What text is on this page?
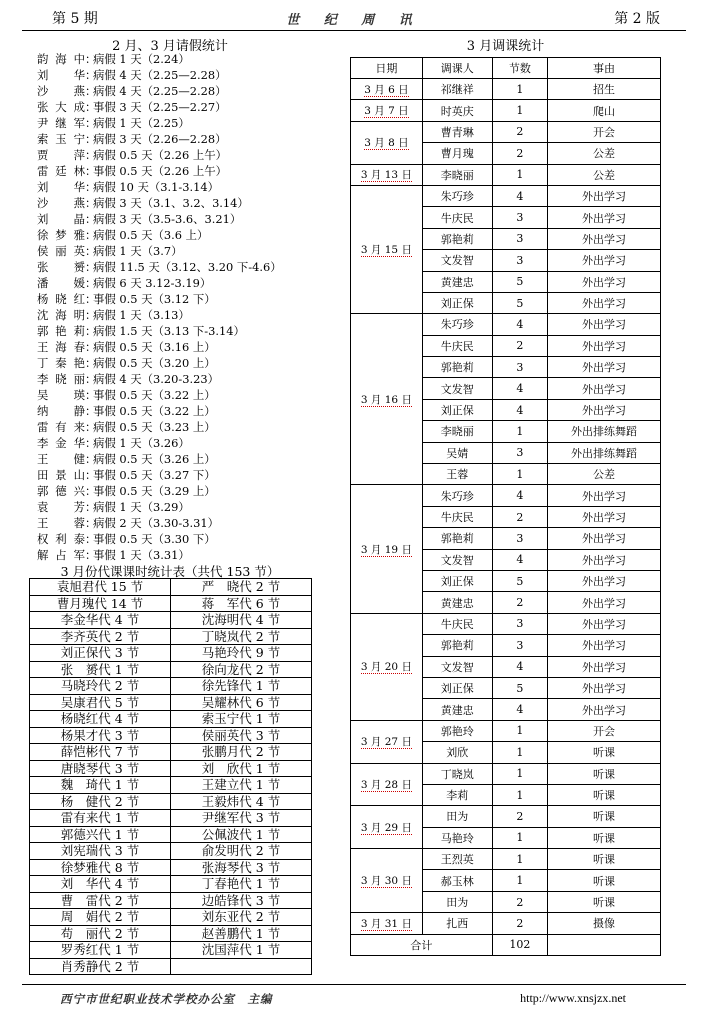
第 5 期	世 纪 周 讯	第 2 版
2 月、3 月请假统计
韵海中：病假 1 天（2.24）
刘华：病假 4 天（2.25—2.28）
沙燕：病假 4 天（2.25—2.28）
张大成：事假 3 天（2.25—2.27）
尹继军：病假 1 天（2.25）
索玉宁：病假 3 天（2.26—2.28）
贾萍：病假 0.5 天（2.26 上午）
雷廷林：事假 0.5 天（2.26 上午）
刘华：病假 10 天（3.1-3.14）
沙燕：病假 3 天（3.1、3.2、3.14）
刘晶：病假 3 天（3.5-3.6、3.21）
徐梦雅：病假 0.5 天（3.6 上）
侯丽英：病假 1 天（3.7）
张赟：病假 11.5 天（3.12、3.20 下-4.6）
潘媛：病假 6 天 3.12-3.19）
杨晓红：事假 0.5 天（3.12 下）
沈海明：病假 1 天（3.13）
郭艳莉：病假 1.5 天（3.13 下-3.14）
王海春：病假 0.5 天（3.16 上）
丁秦艳：病假 0.5 天（3.20 上）
李晓丽：病假 4 天（3.20-3.23）
吴瑛：事假 0.5 天（3.22 上）
纳静：事假 0.5 天（3.22 上）
雷有来：病假 0.5 天（3.23 上）
李金华：病假 1 天（3.26）
王健：病假 0.5 天（3.26 上）
田景山：事假 0.5 天（3.27 下）
郭德兴：事假 0.5 天（3.29 上）
袁芳：病假 1 天（3.29）
王蓉：病假 2 天（3.30-3.31）
权利泰：事假 0.5 天（3.30 下）
解占军：事假 1 天（3.31）
3 月份代课课时统计表（共代 153 节）
袁旭君代 15 节	严　晓代 2 节
曹月瑰代 14 节	蒋　军代 6 节
李金华代 4 节	沈海明代 4 节
李齐英代 2 节	丁晓岚代 2 节
刘正保代 3 节	马艳玲代 9 节
张　赟代 1 节	徐向龙代 2 节
马晓玲代 2 节	徐先锋代 1 节
吴康君代 5 节	吴耀林代 6 节
杨晓红代 4 节	索玉宁代 1 节
杨果才代 3 节	侯丽英代 3 节
薛恺彬代 7 节	张鹏月代 2 节
唐晓琴代 3 节	刘　欣代 1 节
魏　琦代 1 节	王建立代 1 节
杨　健代 2 节	王毅炜代 4 节
雷有来代 1 节	尹继军代 3 节
郭德兴代 1 节	公佩波代 1 节
刘宪瑞代 3 节	俞发明代 2 节
徐梦雅代 8 节	张海琴代 3 节
刘　华代 4 节	丁春艳代 1 节
曹　雷代 2 节	边皓锋代 3 节
周　娟代 2 节	刘东亚代 2 节
苟　丽代 2 节	赵善鹏代 1 节
罗秀红代 1 节	沈国萍代 1 节
肖秀静代 2 节	
3 月调课统计
日期	调课人	节数	事由
3 月 6 日	祁继祥	1	招生
3 月 7 日	时英庆	1	爬山
3 月 8 日	曹青琳	2	开会
	曹月瑰	2	公差
3 月 13 日	李晓丽	1	公差
3 月 15 日	朱巧珍	4	外出学习
	牛庆民	3	外出学习
	郭艳莉	3	外出学习
	文发智	3	外出学习
	黄建忠	5	外出学习
	刘正保	5	外出学习
3 月 16 日	朱巧珍	4	外出学习
	牛庆民	2	外出学习
	郭艳莉	3	外出学习
	文发智	4	外出学习
	刘正保	4	外出学习
	李晓丽	1	外出排练舞蹈
	吴婧	3	外出排练舞蹈
	王蓉	1	公差
3 月 19 日	朱巧珍	4	外出学习
	牛庆民	2	外出学习
	郭艳莉	3	外出学习
	文发智	4	外出学习
	刘正保	5	外出学习
	黄建忠	2	外出学习
3 月 20 日	牛庆民	3	外出学习
	郭艳莉	3	外出学习
	文发智	4	外出学习
	刘正保	5	外出学习
	黄建忠	4	外出学习
3 月 27 日	郭艳玲	1	开会
	刘欣	1	听课
3 月 28 日	丁晓岚	1	听课
	李莉	1	听课
3 月 29 日	田为	2	听课
	马艳玲	1	听课
3 月 30 日	王烈英	1	听课
	郝玉林	1	听课
	田为	2	听课
3 月 31 日	扎西	2	摄像
合计		102	
西宁市世纪职业技术学校办公室　主编	http://www.xnsjzx.net
